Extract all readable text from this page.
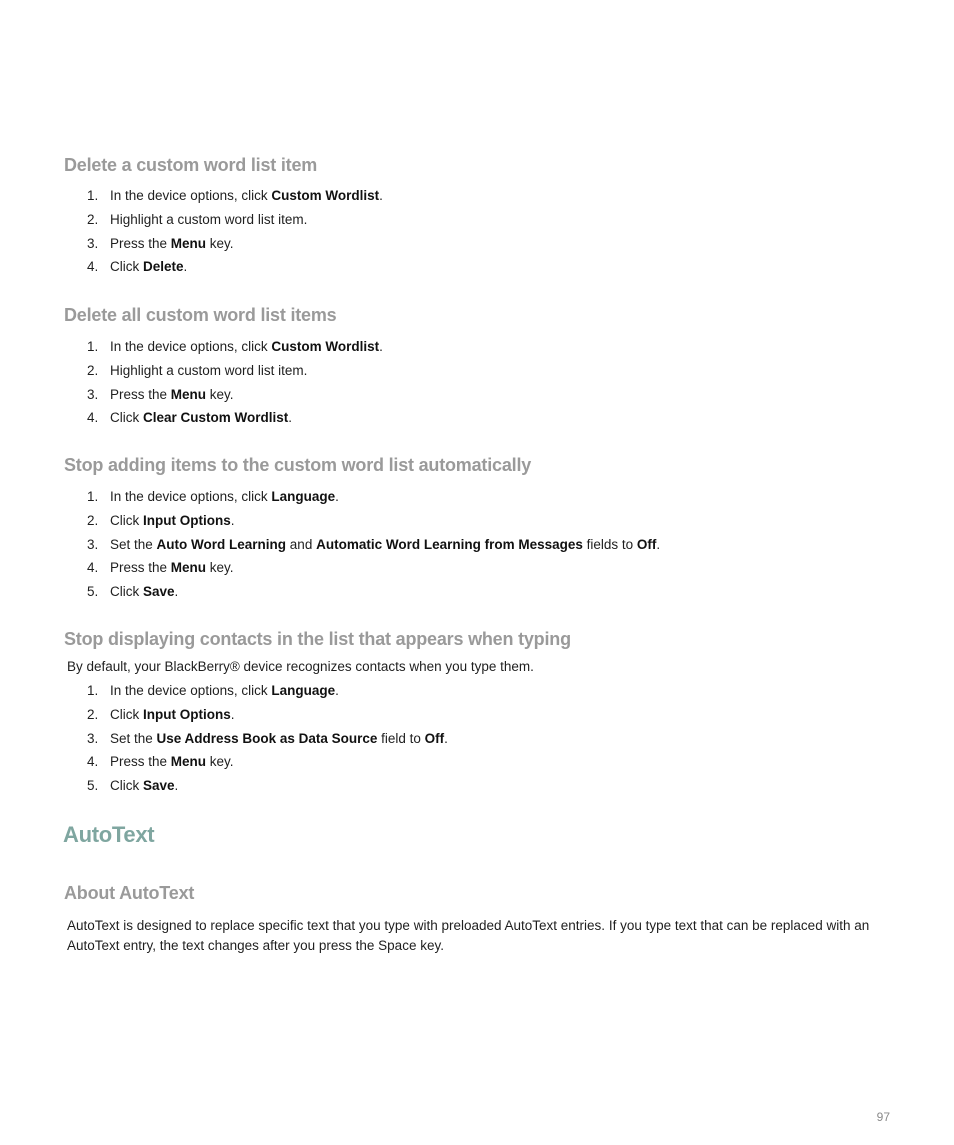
Delete a custom word list item
1. In the device options, click Custom Wordlist.
2. Highlight a custom word list item.
3. Press the Menu key.
4. Click Delete.
Delete all custom word list items
1. In the device options, click Custom Wordlist.
2. Highlight a custom word list item.
3. Press the Menu key.
4. Click Clear Custom Wordlist.
Stop adding items to the custom word list automatically
1. In the device options, click Language.
2. Click Input Options.
3. Set the Auto Word Learning and Automatic Word Learning from Messages fields to Off.
4. Press the Menu key.
5. Click Save.
Stop displaying contacts in the list that appears when typing

By default, your BlackBerry® device recognizes contacts when you type them.

1. In the device options, click Language.
2. Click Input Options.
3. Set the Use Address Book as Data Source field to Off.
4. Press the Menu key.
5. Click Save.
AutoText
About AutoText

AutoText is designed to replace specific text that you type with preloaded AutoText entries. If you type text that can be replaced with an AutoText entry, the text changes after you press the Space key.

97
